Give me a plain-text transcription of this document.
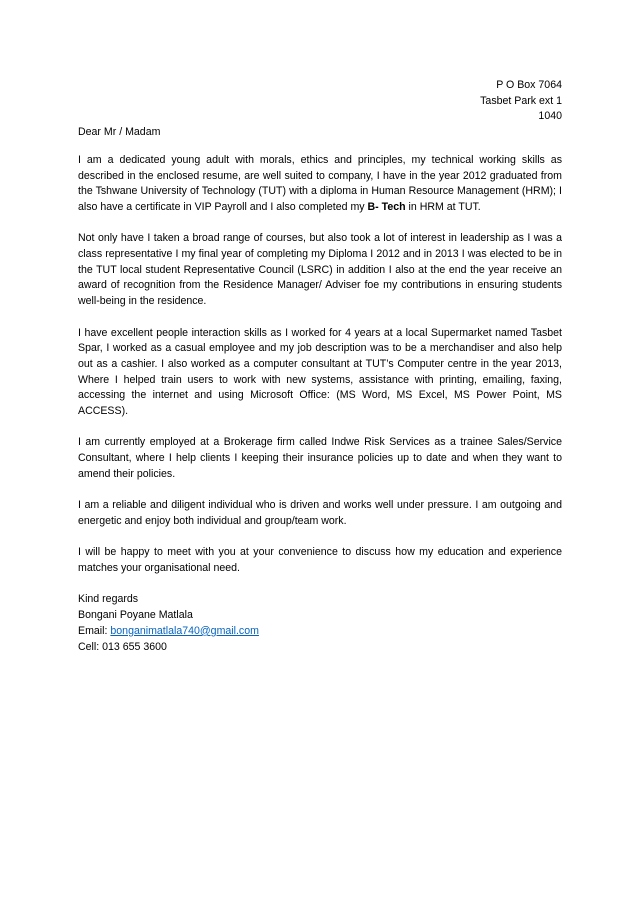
P O Box 7064
Tasbet Park ext 1
1040
Dear Mr / Madam
I am a dedicated young adult with morals, ethics and principles, my technical working skills as described in the enclosed resume, are well suited to company, I have in the year 2012 graduated from the Tshwane University of Technology (TUT) with a diploma in Human Resource Management (HRM); I also have a certificate in VIP Payroll and I also completed my B- Tech in HRM at TUT.
Not only have I taken a broad range of courses, but also took a lot of interest in leadership as I was a class representative I my final year of completing my Diploma I 2012 and in 2013 I was elected to be in the TUT local student Representative Council (LSRC) in addition I also at the end the year receive an award of recognition from the Residence Manager/ Adviser foe my contributions in ensuring students well-being in the residence.
I have excellent people interaction skills as I worked for 4 years at a local Supermarket named Tasbet Spar, I worked as a casual employee and my job description was to be a merchandiser and also help out as a cashier. I also worked as a computer consultant at TUT’s Computer centre in the year 2013, Where I helped train users to work with new systems, assistance with printing, emailing, faxing, accessing the internet and using Microsoft Office: (MS Word, MS Excel, MS Power Point, MS ACCESS).
I am currently employed at a Brokerage firm called Indwe Risk Services as a trainee Sales/Service Consultant, where I help clients I keeping their insurance policies up to date and when they want to amend their policies.
I am a reliable and diligent individual who is driven and works well under pressure. I am outgoing and energetic and enjoy both individual and group/team work.
I will be happy to meet with you at your convenience to discuss how my education and experience matches your organisational need.
Kind regards
Bongani Poyane Matlala
Email: bonganimatlala740@gmail.com
Cell: 013 655 3600
